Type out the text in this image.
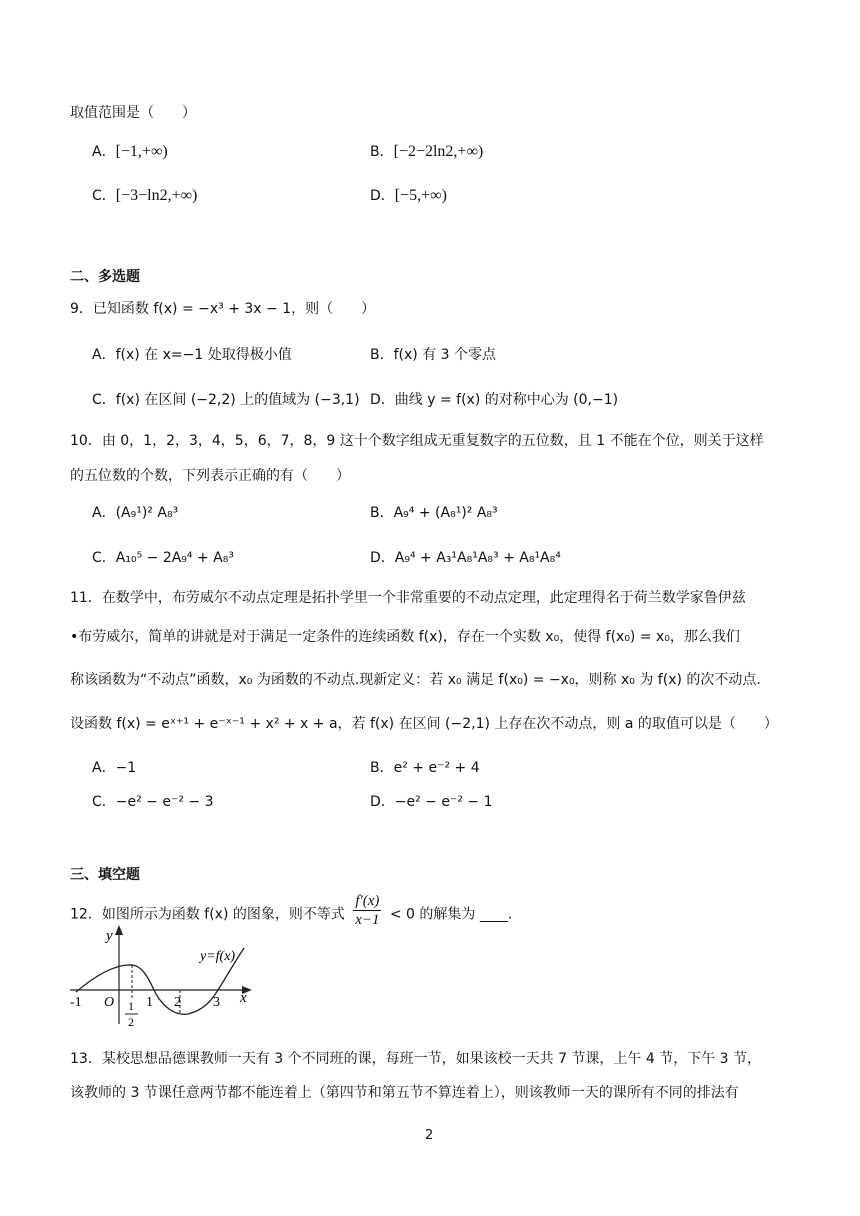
取值范围是（　　）
A．[−1,+∞)	B．[−2−2ln2,+∞)
C．[−3−ln2,+∞)	D．[−5,+∞)
二、多选题
9．已知函数 f(x) = −x³ + 3x − 1，则（　　）
A．f(x) 在 x=−1 处取得极小值	B．f(x) 有 3 个零点
C．f(x) 在区间 (−2,2) 上的值域为 (−3,1) D．曲线 y = f(x) 的对称中心为 (0,−1)
10．由 0，1，2，3，4，5，6，7，8，9 这十个数字组成无重复数字的五位数，且 1 不能在个位，则关于这样
的五位数的个数，下列表示正确的有（　　）
A．(A₉¹)² A₈³	B．A₉⁴ + (A₈¹)² A₈³
C．A₁₀⁵ − 2A₉⁴ + A₈³	D．A₉⁴ + A₃¹A₈¹A₈³ + A₈¹A₈⁴
11．在数学中，布劳威尔不动点定理是拓扑学里一个非常重要的不动点定理，此定理得名于荷兰数学家鲁伊兹
•布劳威尔，简单的讲就是对于满足一定条件的连续函数 f(x)，存在一个实数 x₀，使得 f(x₀) = x₀，那么我们
称该函数为“不动点”函数，x₀ 为函数的不动点.现新定义：若 x₀ 满足 f(x₀) = −x₀，则称 x₀ 为 f(x) 的次不动点.
设函数 f(x) = eˣ⁺¹ + e⁻ˣ⁻¹ + x² + x + a，若 f(x) 在区间 (−2,1) 上存在次不动点，则 a 的取值可以是（　　）
A．−1	B．e² + e⁻² + 4
C．−e² − e⁻² − 3	D．−e² − e⁻² − 1
三、填空题
12．如图所示为函数 f(x) 的图象，则不等式 $\frac{f'(x)}{x-1} < 0$ 的解集为 ____.
y
x
y=f(x)
O
-1	1 2 3
1
2
13．某校思想品德课教师一天有 3 个不同班的课，每班一节，如果该校一天共 7 节课，上午 4 节，下午 3 节，
该教师的 3 节课任意两节都不能连着上（第四节和第五节不算连着上），则该教师一天的课所有不同的排法有
2
